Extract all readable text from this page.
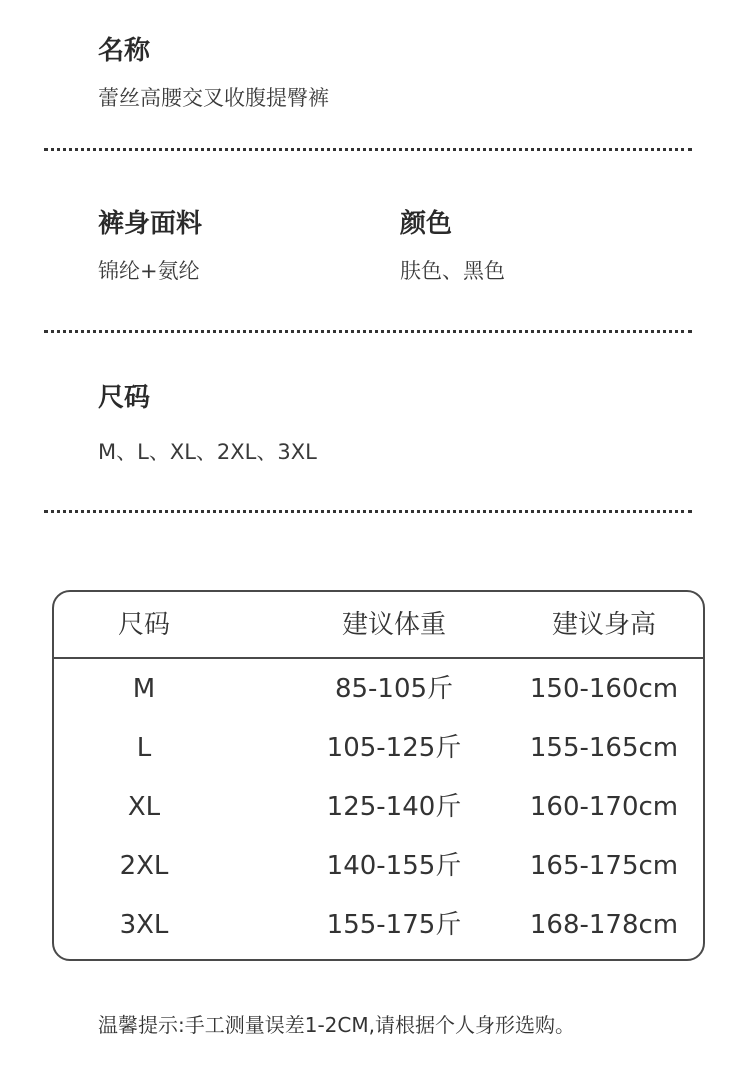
名称

蕾丝高腰交叉收腹提臀裤

裤身面料

锦纶+氨纶

颜色

肤色、黑色

尺码

M、L、XL、2XL、3XL

尺码	建议体重	建议身高
M	85-105斤	150-160cm
L	105-125斤	155-165cm
XL	125-140斤	160-170cm
2XL	140-155斤	165-175cm
3XL	155-175斤	168-178cm

温馨提示:手工测量误差1-2CM,请根据个人身形选购。
